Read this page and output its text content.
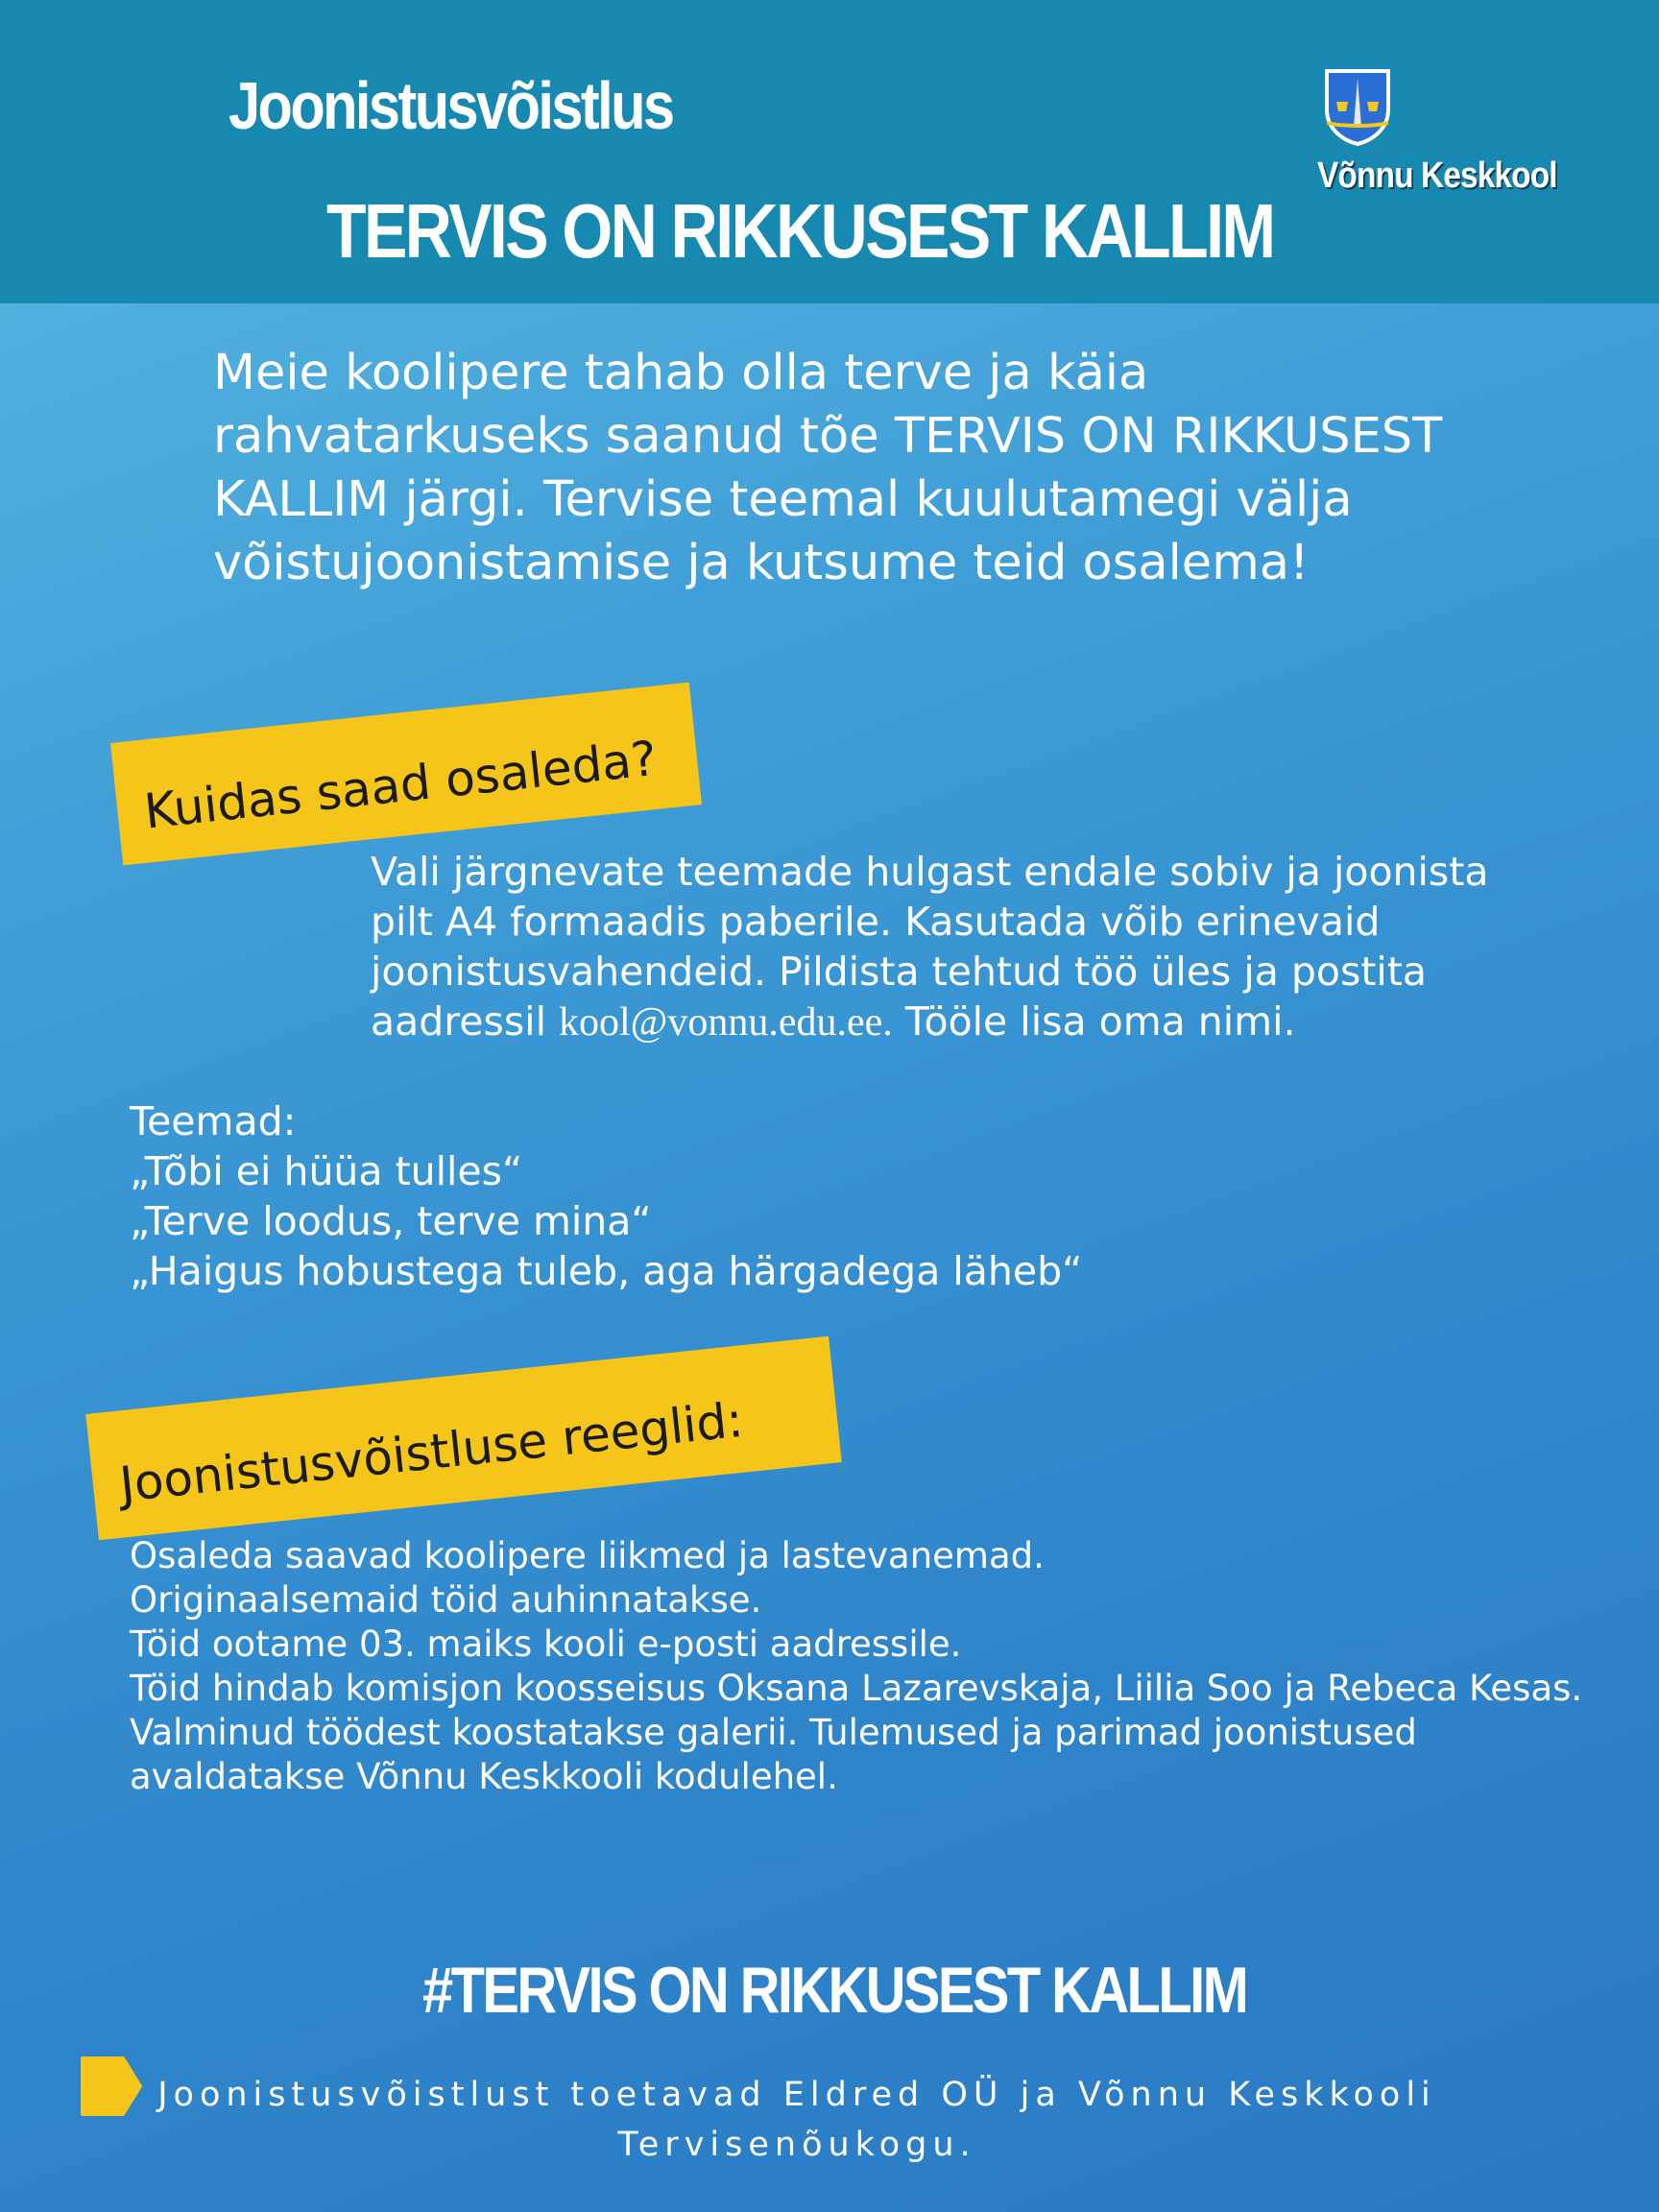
Joonistusvõistlus
TERVIS ON RIKKUSEST KALLIM
Võnnu Keskkool

Meie koolipere tahab olla terve ja käia rahvatarkuseks saanud tõe TERVIS ON RIKKUSEST KALLIM järgi. Tervise teemal kuulutamegi välja võistujoonistamise ja kutsume teid osalema!

Kuidas saad osaleda?
Vali järgnevate teemade hulgast endale sobiv ja joonista pilt A4 formaadis paberile. Kasutada võib erinevaid joonistusvahendeid. Pildista tehtud töö üles ja postita aadressil kool@vonnu.edu.ee. Tööle lisa oma nimi.
Teemad:
„Tõbi ei hüüa tulles“
„Terve loodus, terve mina“
„Haigus hobustega tuleb, aga härgadega läheb“
Joonistusvõistluse reeglid:
Osaleda saavad koolipere liikmed ja lastevanemad.
Originaalsemaid töid auhinnatakse.
Töid ootame 03. maiks kooli e-posti aadressile.
Töid hindab komisjon koosseisus Oksana Lazarevskaja, Liilia Soo ja Rebeca Kesas.
Valminud töödest koostatakse galerii. Tulemused ja parimad joonistused avaldatakse Võnnu Keskkooli kodulehel.
#TERVIS ON RIKKUSEST KALLIM
Joonistusvõistlust toetavad Eldred OÜ ja Võnnu Keskkooli Tervisenõukogu.
